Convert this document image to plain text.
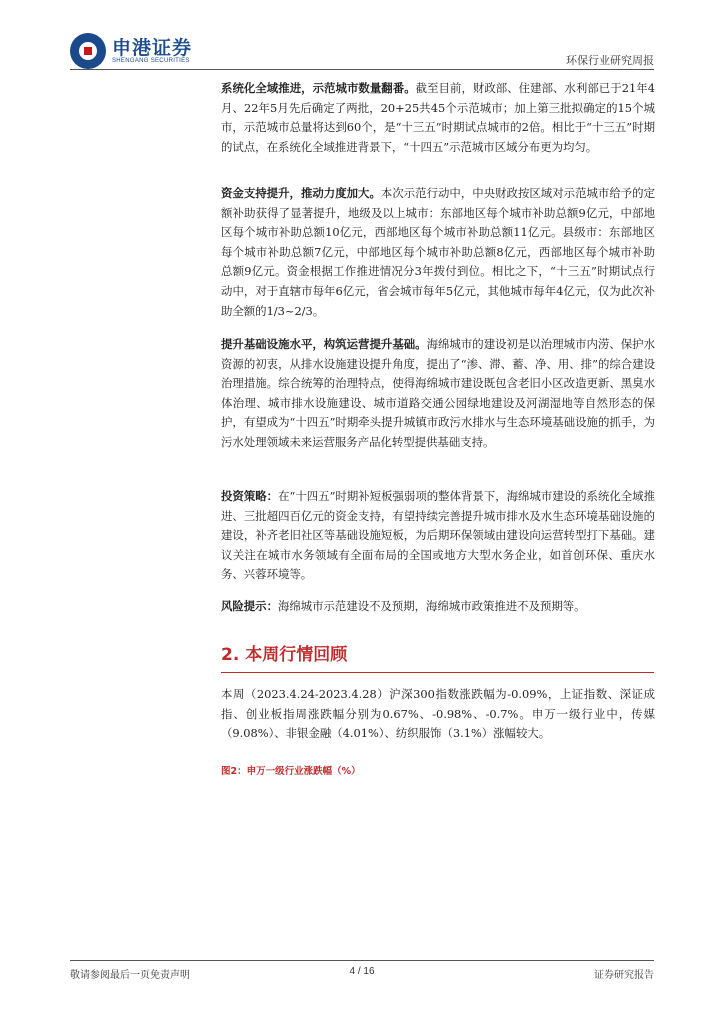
申港证券
SHENGANG SECURITIES	环保行业研究周报

系统化全域推进，示范城市数量翻番。截至目前，财政部、住建部、水利部已于21年4月、22年5月先后确定了两批，20+25共45个示范城市；加上第三批拟确定的15个城市，示范城市总量将达到60个，是“十三五”时期试点城市的2倍。相比于“十三五”时期的试点，在系统化全域推进背景下，“十四五”示范城市区域分布更为均匀。

资金支持提升，推动力度加大。本次示范行动中，中央财政按区域对示范城市给予的定额补助获得了显著提升，地级及以上城市：东部地区每个城市补助总额9亿元，中部地区每个城市补助总额10亿元，西部地区每个城市补助总额11亿元。县级市：东部地区每个城市补助总额7亿元，中部地区每个城市补助总额8亿元，西部地区每个城市补助总额9亿元。资金根据工作推进情况分3年拨付到位。相比之下，“十三五”时期试点行动中，对于直辖市每年6亿元，省会城市每年5亿元，其他城市每年4亿元，仅为此次补助全额的1/3~2/3。

提升基础设施水平，构筑运营提升基础。海绵城市的建设初是以治理城市内涝、保护水资源的初衷，从排水设施建设提升角度，提出了“渗、滞、蓄、净、用、排”的综合建设治理措施。综合统筹的治理特点，使得海绵城市建设既包含老旧小区改造更新、黑臭水体治理、城市排水设施建设、城市道路交通公园绿地建设及河湖湿地等自然形态的保护，有望成为“十四五”时期牵头提升城镇市政污水排水与生态环境基础设施的抓手，为污水处理领域未来运营服务产品化转型提供基础支持。

投资策略：在“十四五”时期补短板强弱项的整体背景下，海绵城市建设的系统化全域推进、三批超四百亿元的资金支持，有望持续完善提升城市排水及水生态环境基础设施的建设，补齐老旧社区等基础设施短板，为后期环保领域由建设向运营转型打下基础。建议关注在城市水务领域有全面布局的全国或地方大型水务企业，如首创环保、重庆水务、兴蓉环境等。

风险提示：海绵城市示范建设不及预期，海绵城市政策推进不及预期等。

2. 本周行情回顾

本周（2023.4.24-2023.4.28）沪深300指数涨跌幅为-0.09%，上证指数、深证成指、创业板指周涨跌幅分别为0.67%、-0.98%、-0.7%。申万一级行业中，传媒（9.08%）、非银金融（4.01%）、纺织服饰（3.1%）涨幅较大。

图2：申万一级行业涨跌幅（%）
敬请参阅最后一页免责声明	4 / 16	证券研究报告
